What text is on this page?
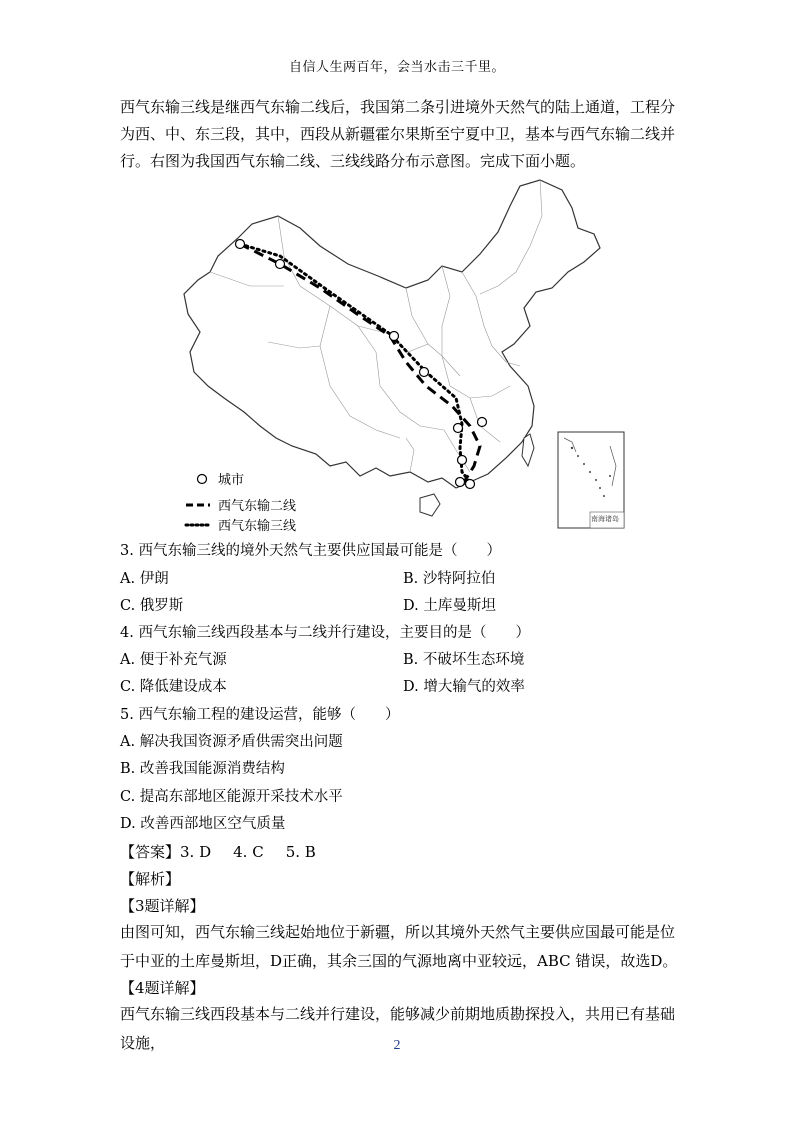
自信人生两百年，会当水击三千里。
西气东输三线是继西气东输二线后，我国第二条引进境外天然气的陆上通道，工程分为西、中、东三段，其中，西段从新疆霍尔果斯至宁夏中卫，基本与西气东输二线并行。右图为我国西气东输二线、三线线路分布示意图。完成下面小题。
城市
西气东输二线
西气东输三线	南海诸岛
3. 西气东输三线的境外天然气主要供应国最可能是（　　）
A. 伊朗	B. 沙特阿拉伯
C. 俄罗斯	D. 土库曼斯坦
4. 西气东输三线西段基本与二线并行建设，主要目的是（　　）
A. 便于补充气源	B. 不破坏生态环境
C. 降低建设成本	D. 增大输气的效率
5. 西气东输工程的建设运营，能够（　　）
A. 解决我国资源矛盾供需突出问题
B. 改善我国能源消费结构
C. 提高东部地区能源开采技术水平
D. 改善西部地区空气质量
【答案】3. D 4. C 5. B
【解析】
【3题详解】
由图可知，西气东输三线起始地位于新疆，所以其境外天然气主要供应国最可能是位于中亚的土库曼斯坦，D正确，其余三国的气源地离中亚较远，ABC 错误，故选D。
【4题详解】
西气东输三线西段基本与二线并行建设，能够减少前期地质勘探投入，共用已有基础设施，	2
